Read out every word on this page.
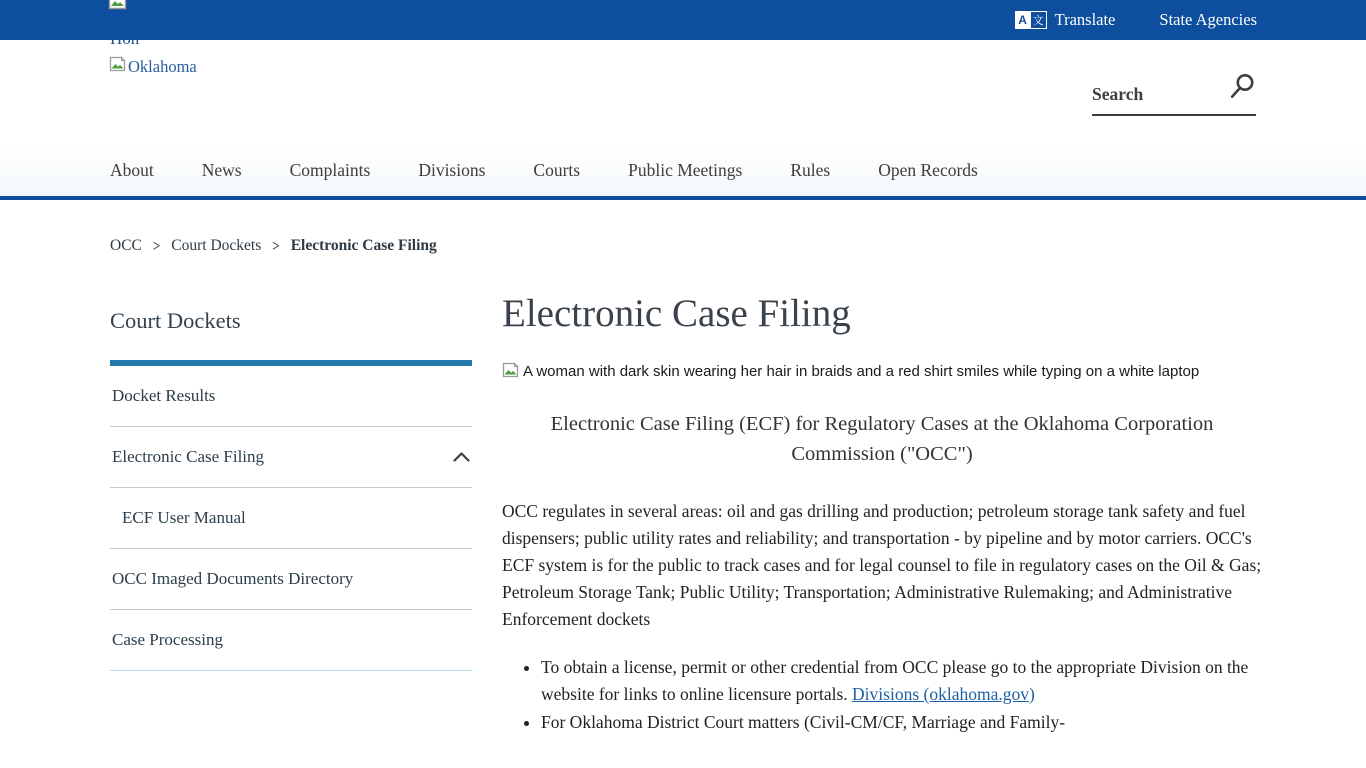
A 文 Translate	State Agencies
Oklahoma
Search
About	News	Complaints	Divisions	Courts	Public Meetings	Rules	Open Records
OCC > Court Dockets > Electronic Case Filing
Court Dockets
Docket Results
Electronic Case Filing
ECF User Manual
OCC Imaged Documents Directory
Case Processing
Electronic Case Filing
A woman with dark skin wearing her hair in braids and a red shirt smiles while typing on a white laptop
Electronic Case Filing (ECF) for Regulatory Cases at the Oklahoma Corporation Commission ("OCC")

OCC regulates in several areas: oil and gas drilling and production; petroleum storage tank safety and fuel dispensers; public utility rates and reliability; and transportation - by pipeline and by motor carriers. OCC's ECF system is for the public to track cases and for legal counsel to file in regulatory cases on the Oil & Gas; Petroleum Storage Tank; Public Utility; Transportation; Administrative Rulemaking; and Administrative Enforcement dockets

• To obtain a license, permit or other credential from OCC please go to the appropriate Division on the website for links to online licensure portals. Divisions (oklahoma.gov)
• For Oklahoma District Court matters (Civil-CM/CF, Marriage and Family-
